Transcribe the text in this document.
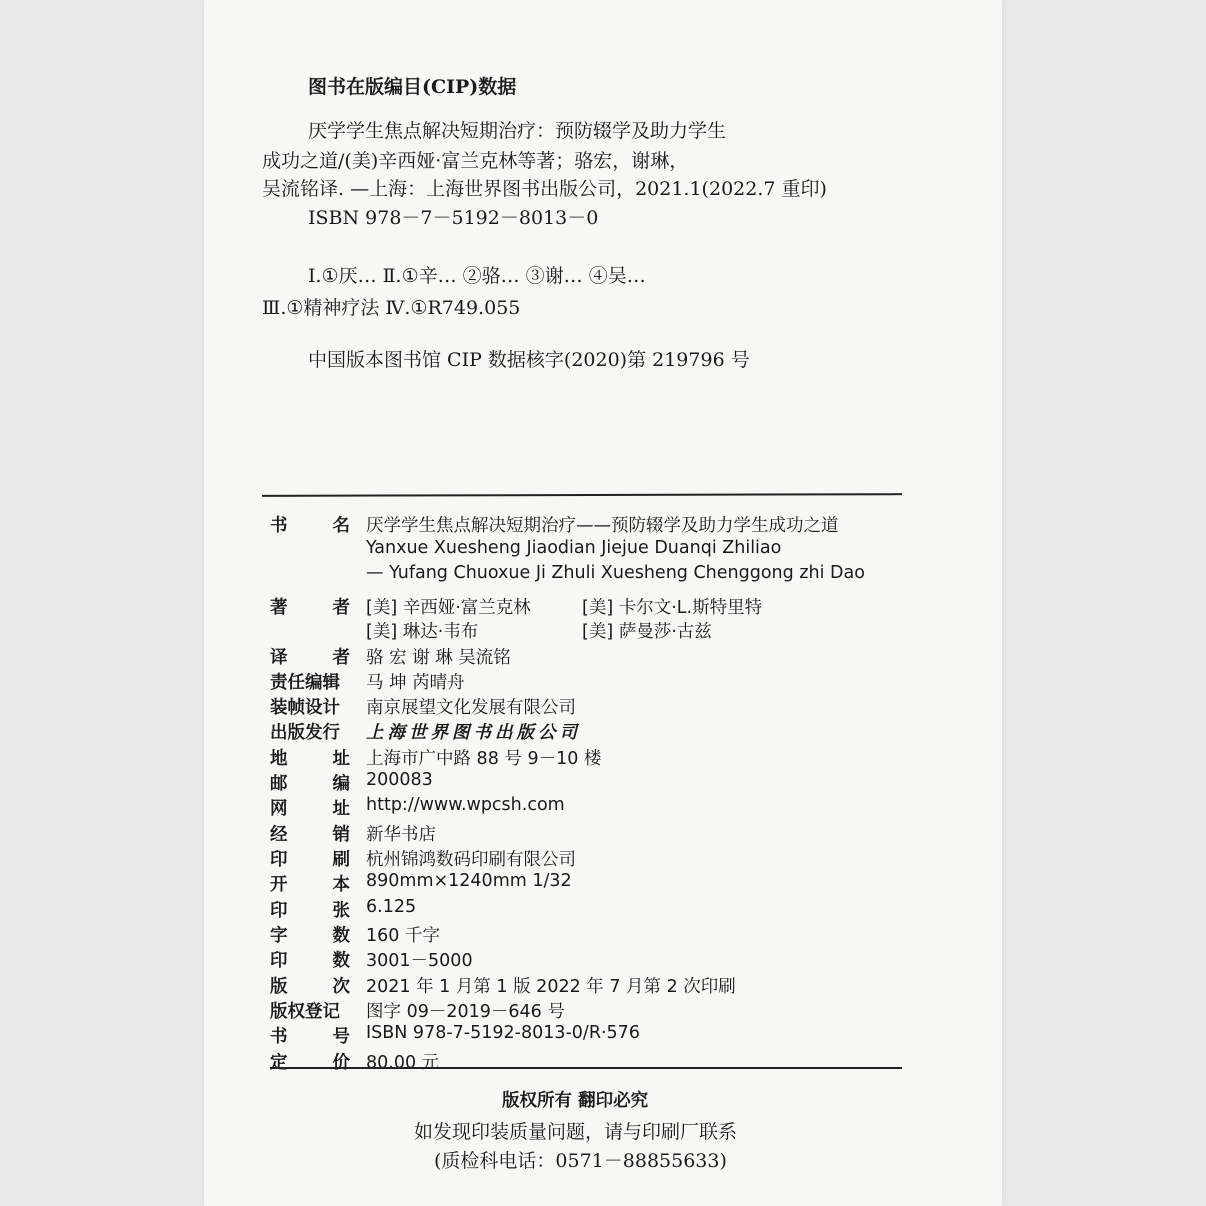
图书在版编目(CIP)数据
厌学学生焦点解决短期治疗：预防辍学及助力学生
成功之道/(美)辛西娅·富兰克林等著；骆宏，谢琳，
吴流铭译. —上海：上海世界图书出版公司，2021.1(2022.7 重印)
ISBN 978－7－5192－8013－0
Ⅰ.①厌… Ⅱ.①辛… ②骆… ③谢… ④吴…
Ⅲ.①精神疗法 Ⅳ.①R749.055
中国版本图书馆 CIP 数据核字(2020)第 219796 号
书	名 厌学学生焦点解决短期治疗——预防辍学及助力学生成功之道
Yanxue Xuesheng Jiaodian Jiejue Duanqi Zhiliao
— Yufang Chuoxue Ji Zhuli Xuesheng Chenggong zhi Dao
著	者 [美] 辛西娅·富兰克林	[美] 卡尔文·L.斯特里特
[美] 琳达·韦布	[美] 萨曼莎·古兹
译	者 骆 宏 谢 琳 吴流铭
责任编辑 马 坤 芮晴舟
装帧设计 南京展望文化发展有限公司
出版发行 上海世界图书出版公司
地	址 上海市广中路 88 号 9－10 楼
邮	编 200083
网	址 http://www.wpcsh.com
经	销 新华书店
印	刷 杭州锦鸿数码印刷有限公司
开	本 890mm×1240mm 1/32
印	张 6.125
字	数 160 千字
印	数 3001－5000
版	次 2021 年 1 月第 1 版 2022 年 7 月第 2 次印刷
版权登记 图字 09－2019－646 号
书	号 ISBN 978-7-5192-8013-0/R·576
定	价 80.00 元
版权所有 翻印必究
如发现印装质量问题，请与印刷厂联系
(质检科电话：0571－88855633)
